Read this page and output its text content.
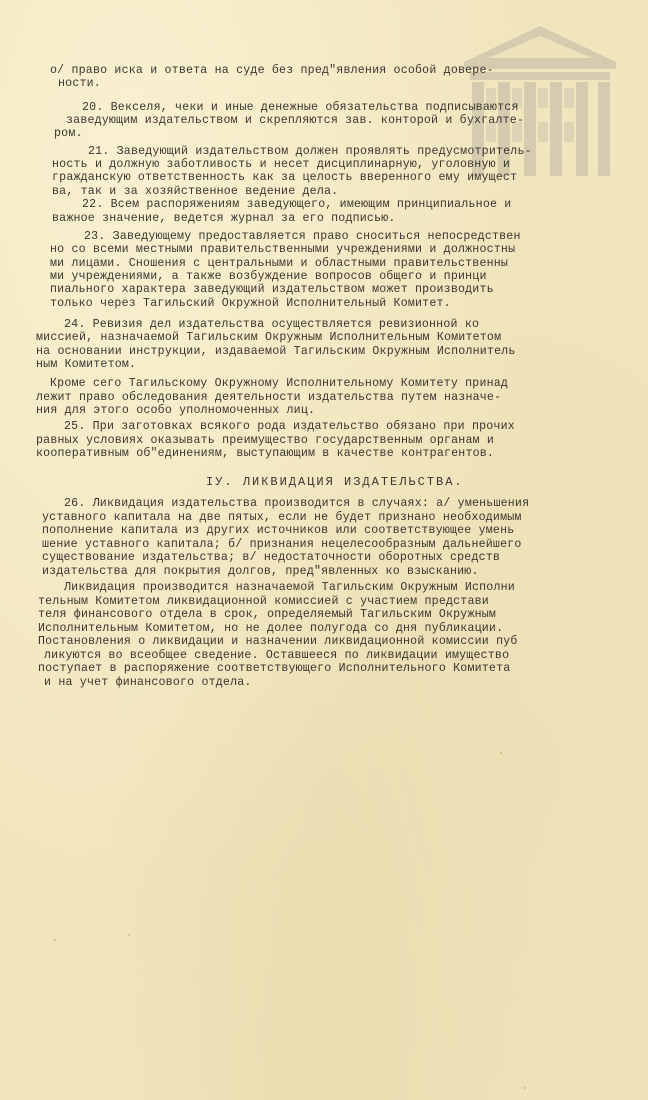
о/ право иска и ответа на суде без пред"явления особой довере-
ности.
20. Векселя, чеки и иные денежные обязательства подписываются
заведующим издательством и скрепляются зав. конторой и бухгалте-
ром.
21. Заведующий издательством должен проявлять предусмотритель-
ность и должную заботливость и несет дисциплинарную, уголовную и
гражданскую ответственность как за целость вверенного ему имущест
ва, так и за хозяйственное ведение дела.
22. Всем распоряжениям заведующего, имеющим принципиальное и
важное значение, ведется журнал за его подписью.
23. Заведующему предоставляется право сноситься непосредствен
но со всеми местными правительственными учреждениями и должностны
ми лицами. Сношения с центральными и областными правительственны
ми учреждениями, а также возбуждение вопросов общего и принци
пиального характера заведующий издательством может производить
только через Тагильский Окружной Исполнительный Комитет.
24. Ревизия дел издательства осуществляется ревизионной ко
миссией, назначаемой Тагильским Окружным Исполнительным Комитетом
на основании инструкции, издаваемой Тагильским Окружным Исполнитель
ным Комитетом.
Кроме сего Тагильскому Окружному Исполнительному Комитету принад
лежит право обследования деятельности издательства путем назначе-
ния для этого особо уполномоченных лиц.
25. При заготовках всякого рода издательство обязано при прочих
равных условиях оказывать преимущество государственным органам и
кооперативным об"единениям, выступающим в качестве контрагентов.
IУ. ЛИКВИДАЦИЯ ИЗДАТЕЛЬСТВА.
26. Ликвидация издательства производится в случаях: а/ уменьшения
уставного капитала на две пятых, если не будет признано необходимым
пополнение капитала из других источников или соответствующее умень
шение уставного капитала; б/ признания нецелесообразным дальнейшего
существование издательства; в/ недостаточности оборотных средств
издательства для покрытия долгов, пред"явленных ко взысканию.
Ликвидация производится назначаемой Тагильским Окружным Исполни
тельным Комитетом ликвидационной комиссией с участием представи
теля финансового отдела в срок, определяемый Тагильским Окружным
Исполнительным Комитетом, но не долее полугода со дня публикации.
Постановления о ликвидации и назначении ликвидационной комиссии пуб
ликуются во всеобщее сведение. Оставшееся по ликвидации имущество
поступает в распоряжение соответствующего Исполнительного Комитета
и на учет финансового отдела.
